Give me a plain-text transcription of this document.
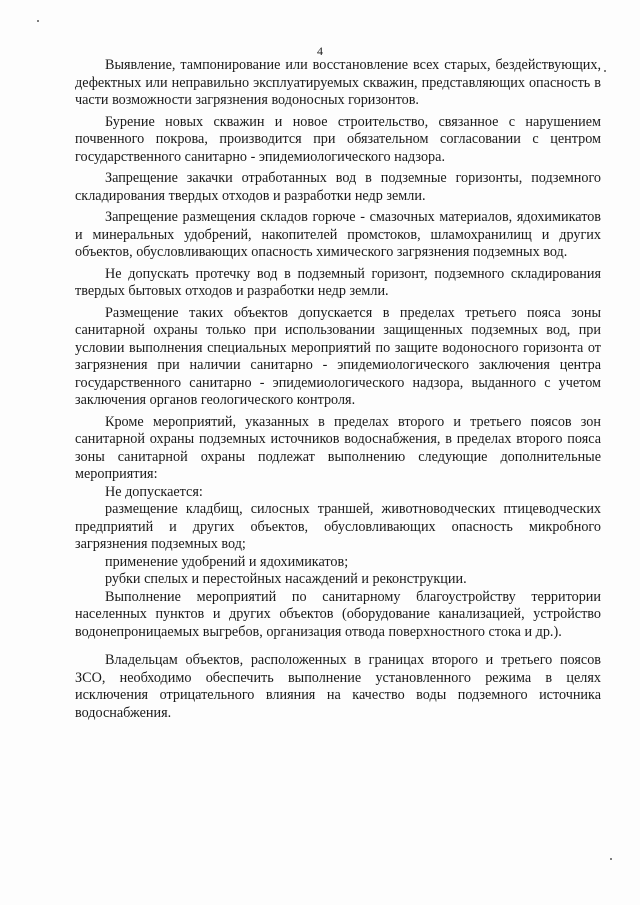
4

Выявление, тампонирование или восстановление всех старых, бездействующих, дефектных или неправильно эксплуатируемых скважин, представляющих опасность в части возможности загрязнения водоносных горизонтов.

Бурение новых скважин и новое строительство, связанное с нарушением почвенного покрова, производится при обязательном согласовании с центром государственного санитарно - эпидемиологического надзора.

Запрещение закачки отработанных вод в подземные горизонты, подземного складирования твердых отходов и разработки недр земли.

Запрещение размещения складов горюче - смазочных материалов, ядохимикатов и минеральных удобрений, накопителей промстоков, шламохранилищ и других объектов, обусловливающих опасность химического загрязнения подземных вод.

Не допускать протечку вод в подземный горизонт, подземного складирования твердых бытовых отходов и разработки недр земли.

Размещение таких объектов допускается в пределах третьего пояса зоны санитарной охраны только при использовании защищенных подземных вод, при условии выполнения специальных мероприятий по защите водоносного горизонта от загрязнения при наличии санитарно - эпидемиологического заключения центра государственного санитарно - эпидемиологического надзора, выданного с учетом заключения органов геологического контроля.

Кроме мероприятий, указанных в пределах второго и третьего поясов зон санитарной охраны подземных источников водоснабжения, в пределах второго пояса зоны санитарной охраны подлежат выполнению следующие дополнительные мероприятия:

Не допускается:

размещение кладбищ, силосных траншей, животноводческих птицеводческих предприятий и других объектов, обусловливающих опасность микробного загрязнения подземных вод;

применение удобрений и ядохимикатов;

рубки спелых и перестойных насаждений и реконструкции.

Выполнение мероприятий по санитарному благоустройству территории населенных пунктов и других объектов (оборудование канализацией, устройство водонепроницаемых выгребов, организация отвода поверхностного стока и др.).

Владельцам объектов, расположенных в границах второго и третьего поясов ЗСО, необходимо обеспечить выполнение установленного режима в целях исключения отрицательного влияния на качество воды подземного источника водоснабжения.
